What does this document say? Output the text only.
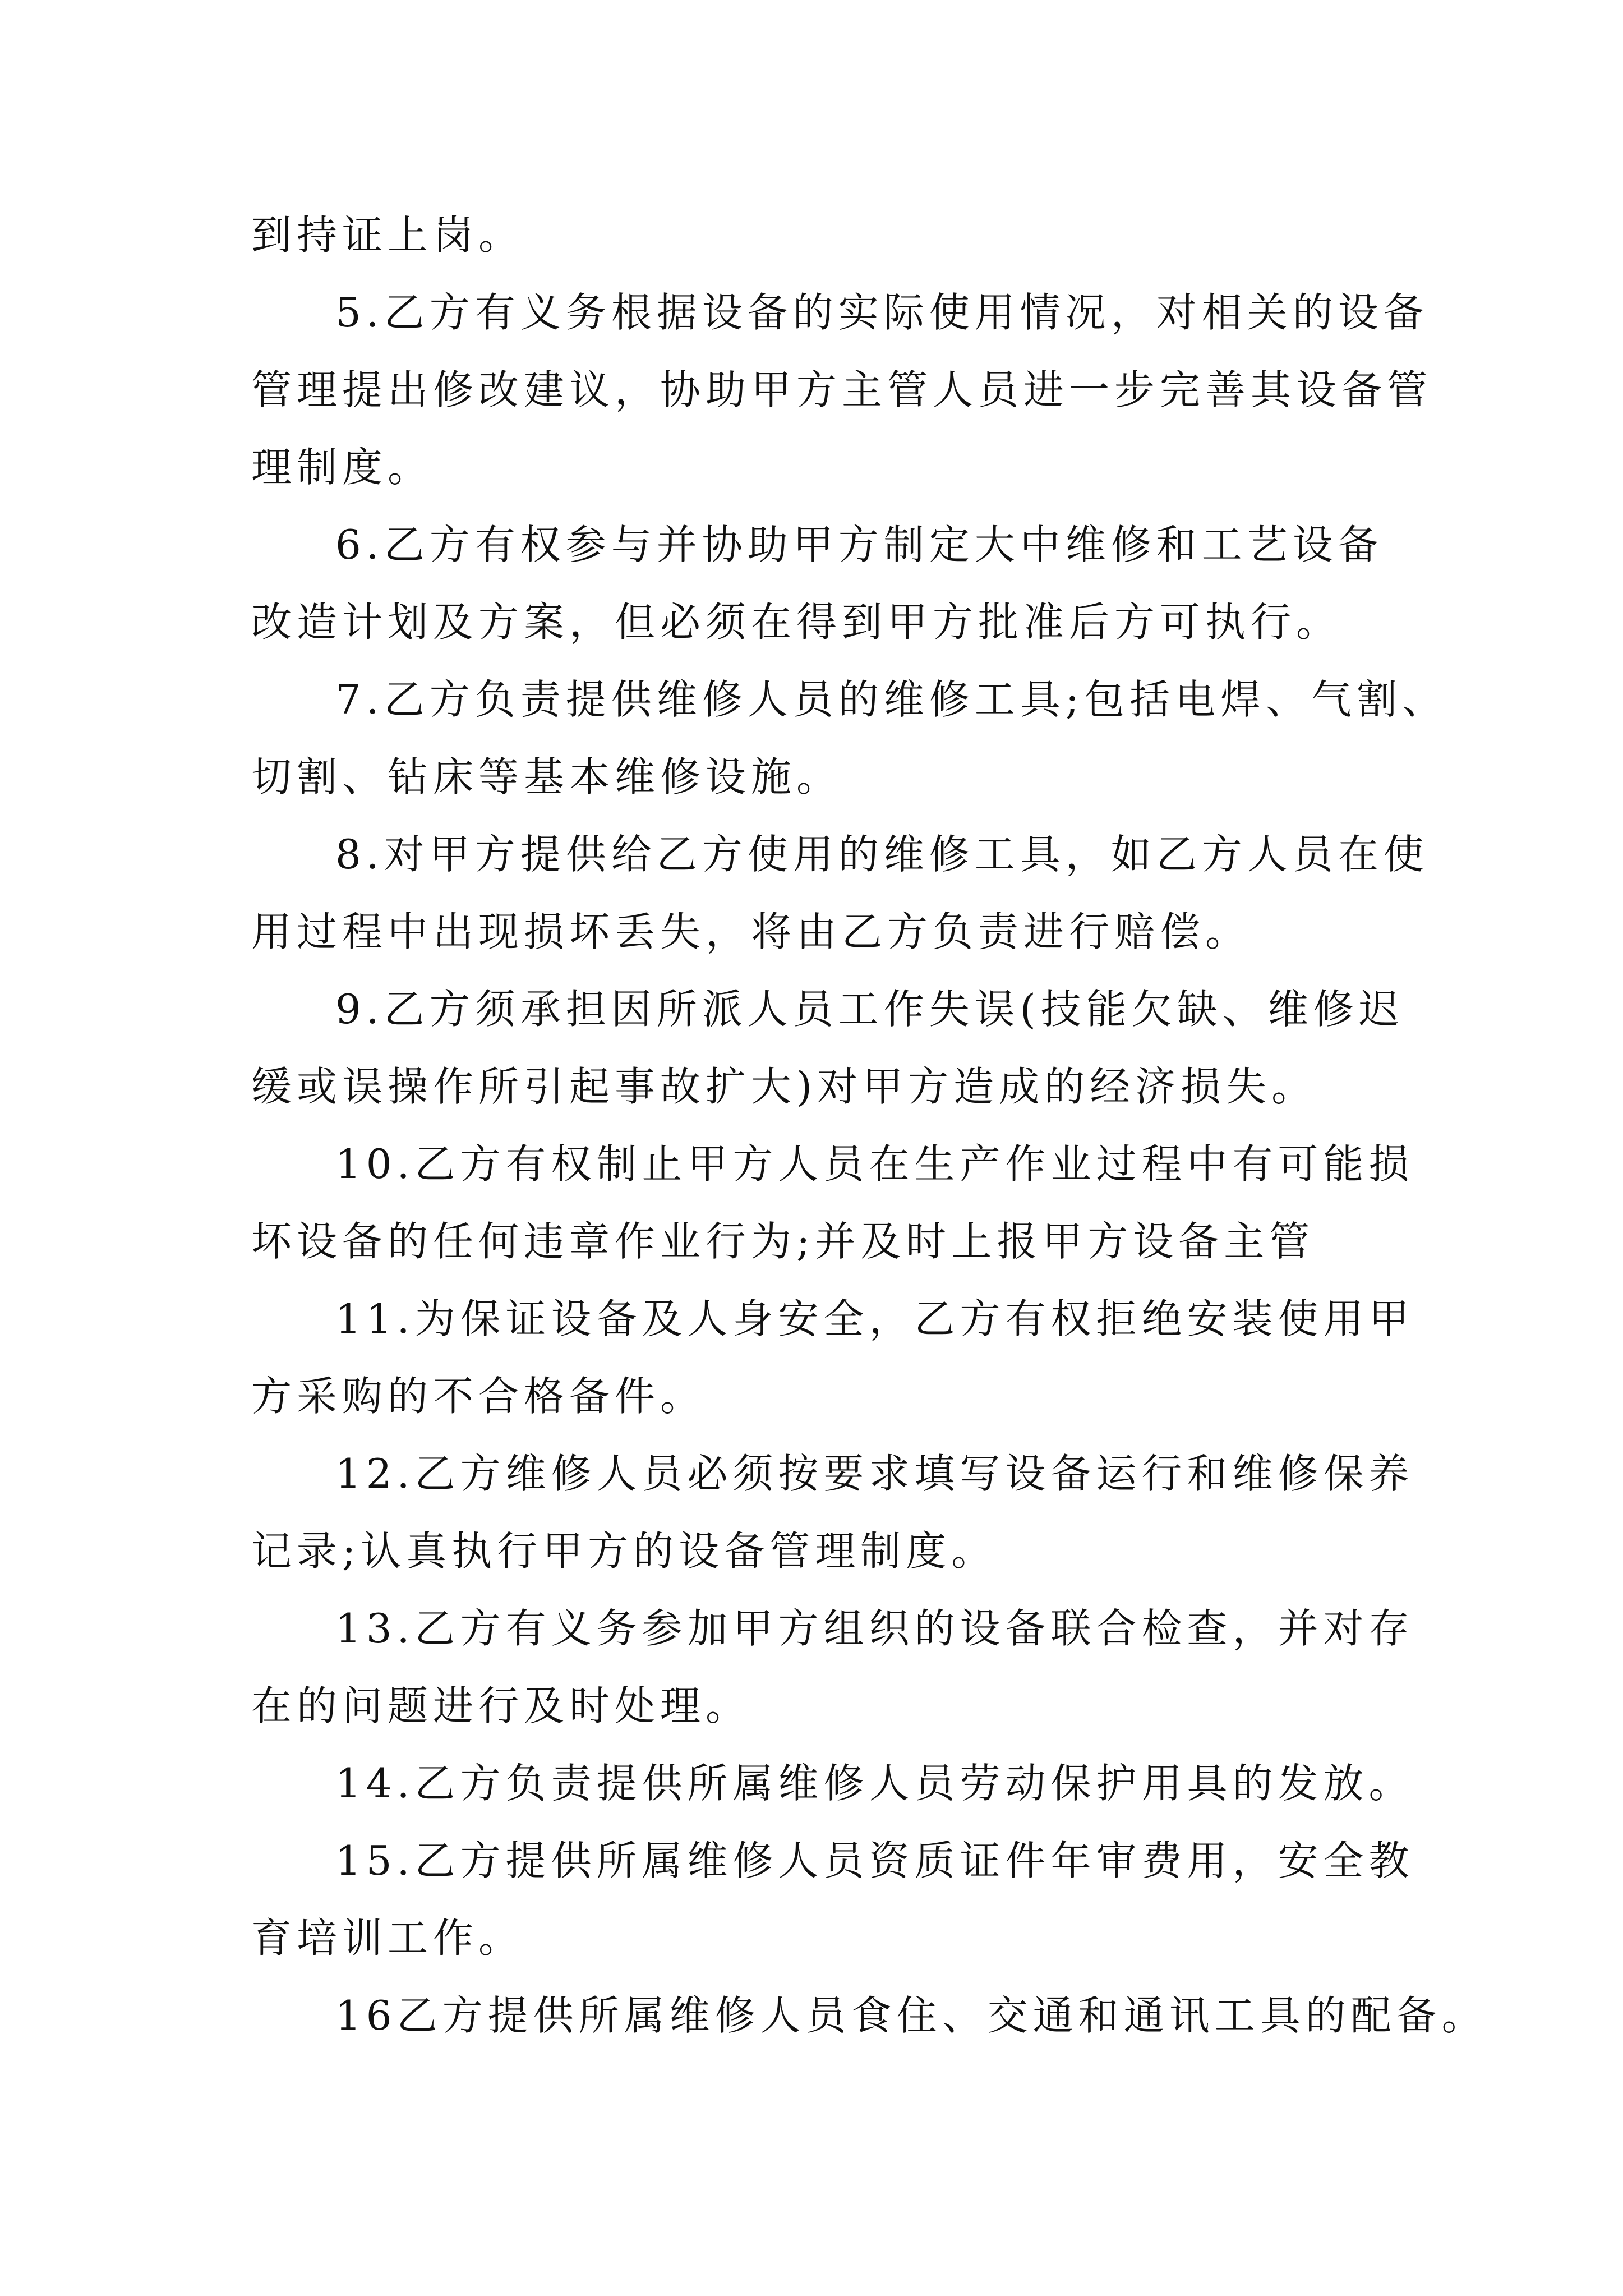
到持证上岗。

5.乙方有义务根据设备的实际使用情况，对相关的设备
管理提出修改建议，协助甲方主管人员进一步完善其设备管
理制度。

6.乙方有权参与并协助甲方制定大中维修和工艺设备
改造计划及方案，但必须在得到甲方批准后方可执行。

7.乙方负责提供维修人员的维修工具;包括电焊、气割、
切割、钻床等基本维修设施。

8.对甲方提供给乙方使用的维修工具，如乙方人员在使
用过程中出现损坏丢失，将由乙方负责进行赔偿。

9.乙方须承担因所派人员工作失误(技能欠缺、维修迟
缓或误操作所引起事故扩大)对甲方造成的经济损失。

10.乙方有权制止甲方人员在生产作业过程中有可能损
坏设备的任何违章作业行为;并及时上报甲方设备主管

11.为保证设备及人身安全，乙方有权拒绝安装使用甲
方采购的不合格备件。

12.乙方维修人员必须按要求填写设备运行和维修保养
记录;认真执行甲方的设备管理制度。

13.乙方有义务参加甲方组织的设备联合检查，并对存
在的问题进行及时处理。

14.乙方负责提供所属维修人员劳动保护用具的发放。

15.乙方提供所属维修人员资质证件年审费用，安全教
育培训工作。

16乙方提供所属维修人员食住、交通和通讯工具的配备。
